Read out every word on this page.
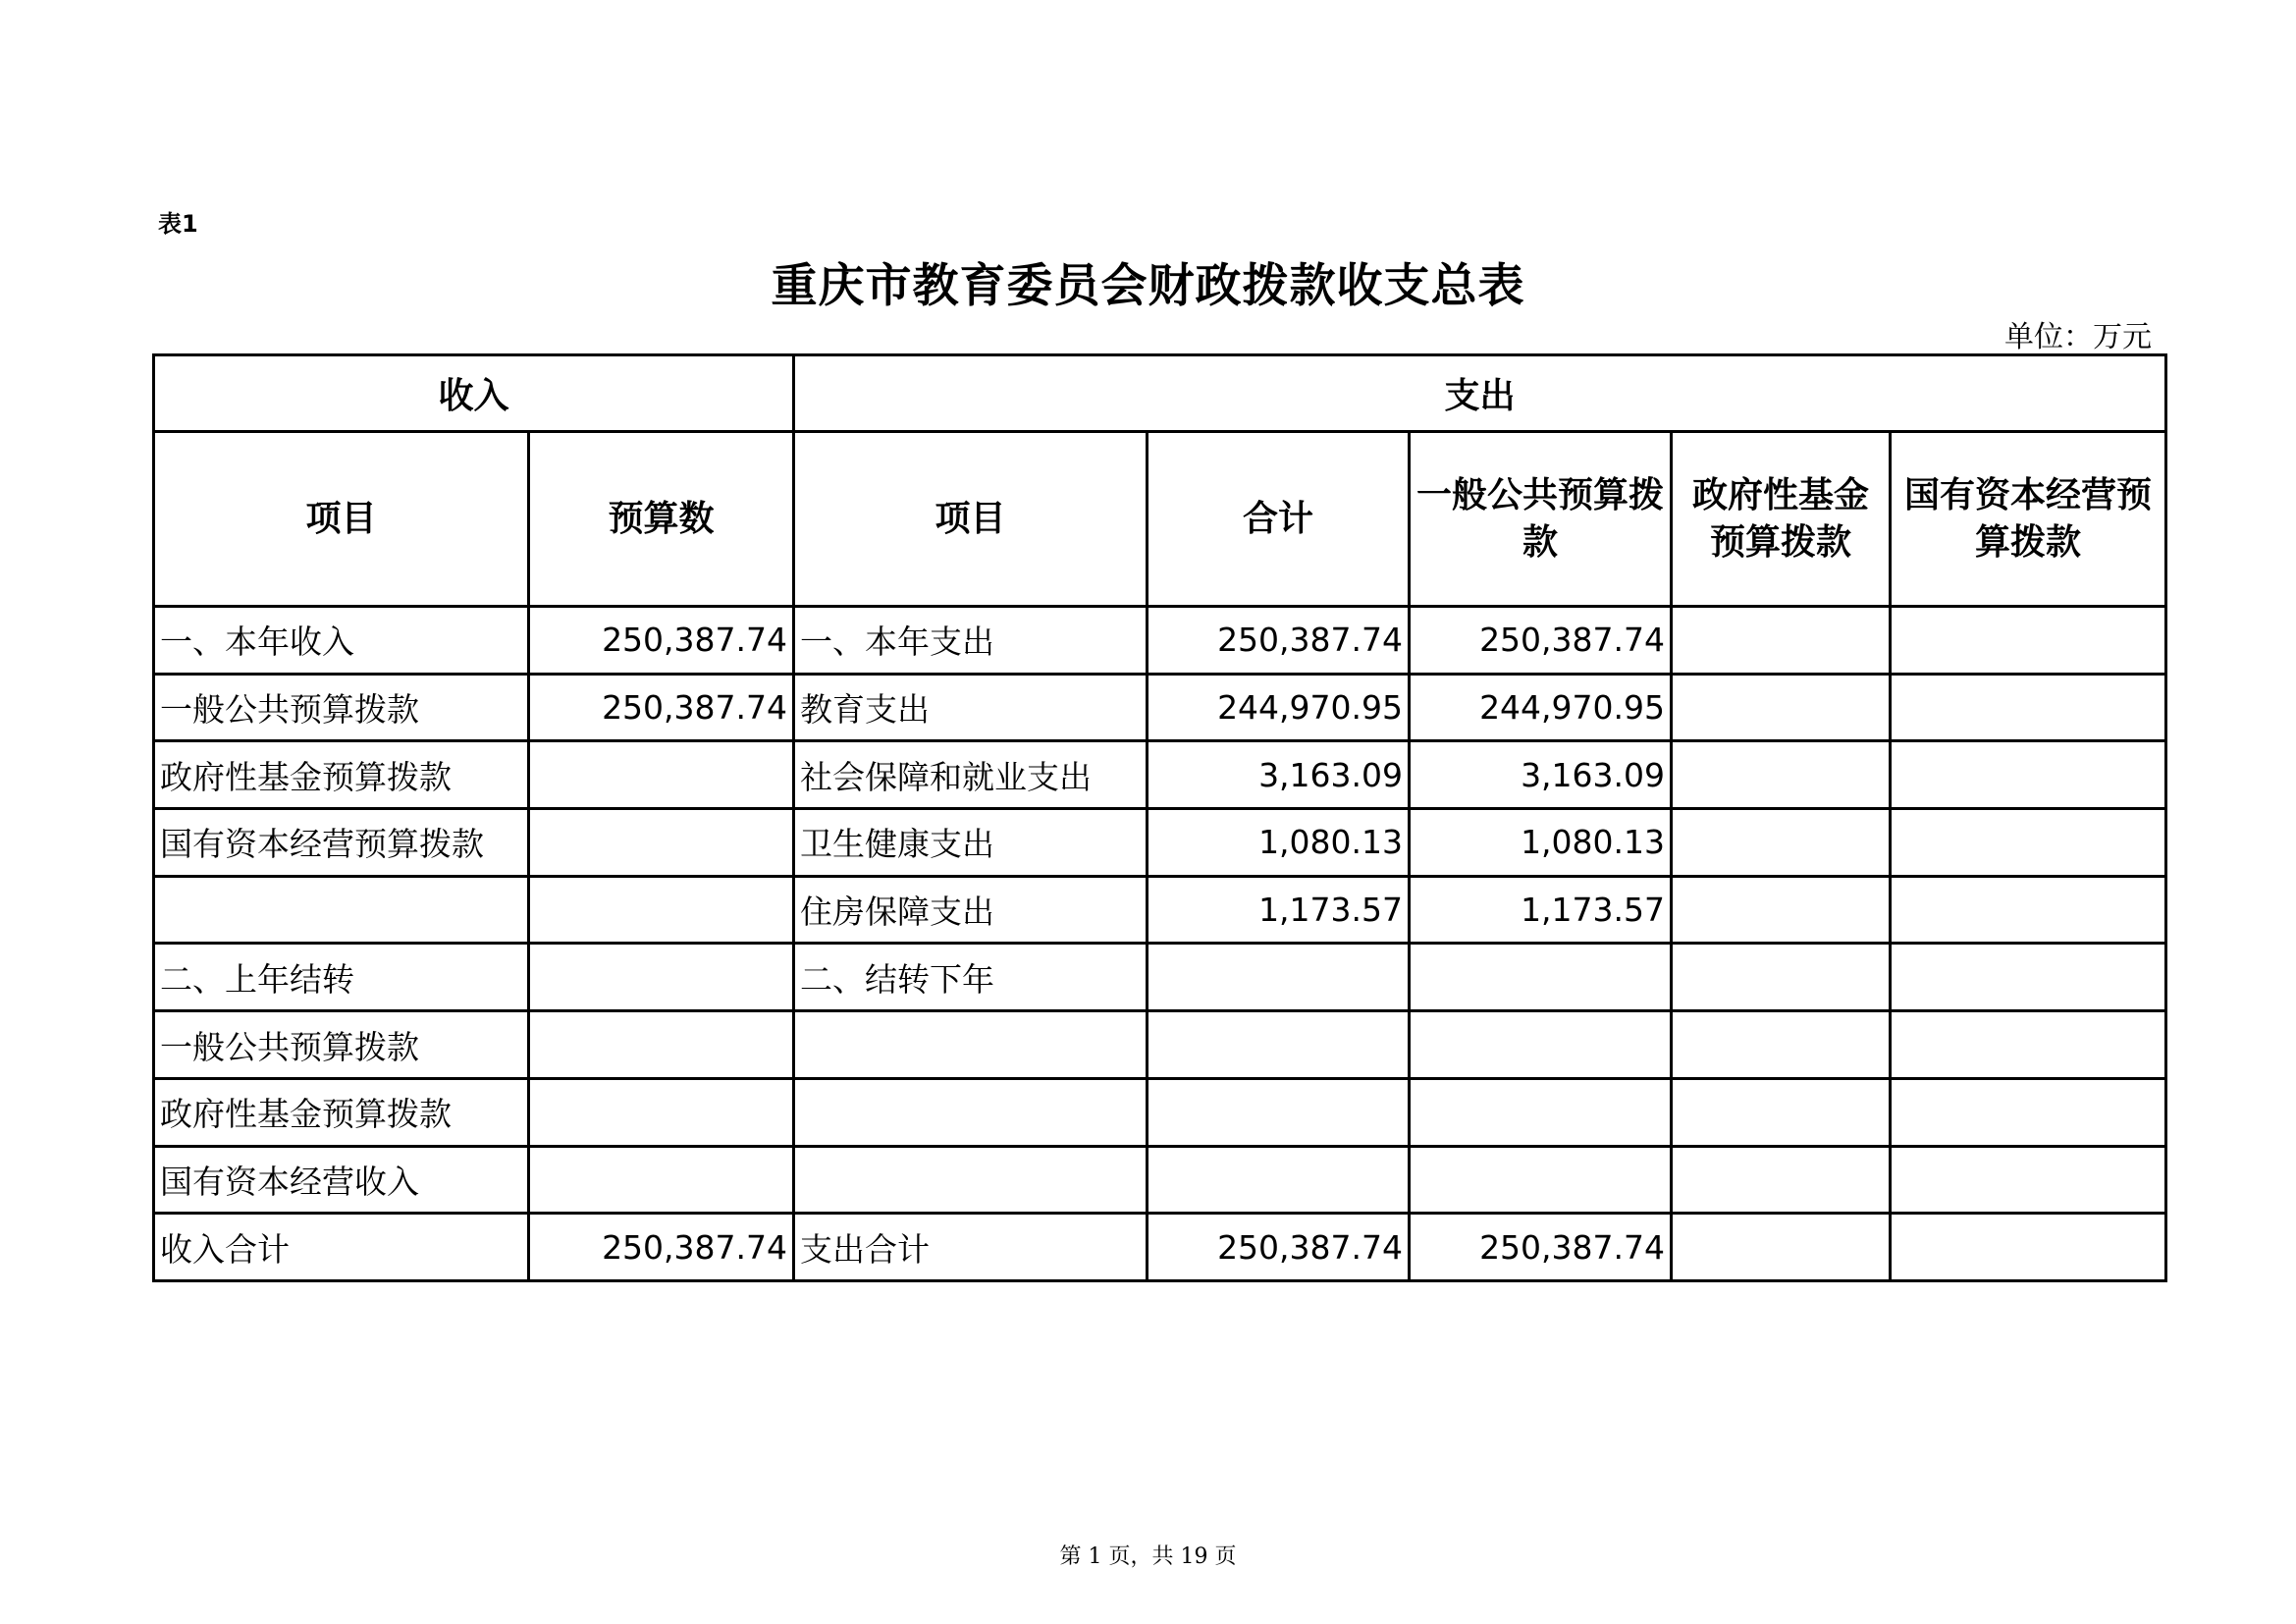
表1
重庆市教育委员会财政拨款收支总表
单位：万元
收入		支出				
项目	预算数	项目	合计	一般公共预算拨款	政府性基金预算拨款	国有资本经营预算拨款
一、本年收入	250,387.74	一、本年支出	250,387.74	250,387.74		
一般公共预算拨款	250,387.74	教育支出	244,970.95	244,970.95		
政府性基金预算拨款		社会保障和就业支出	3,163.09	3,163.09		
国有资本经营预算拨款		卫生健康支出	1,080.13	1,080.13		
		住房保障支出	1,173.57	1,173.57		
二、上年结转		二、结转下年				
一般公共预算拨款						
政府性基金预算拨款						
国有资本经营收入						
收入合计	250,387.74	支出合计	250,387.74	250,387.74		
第 1 页，共 19 页
